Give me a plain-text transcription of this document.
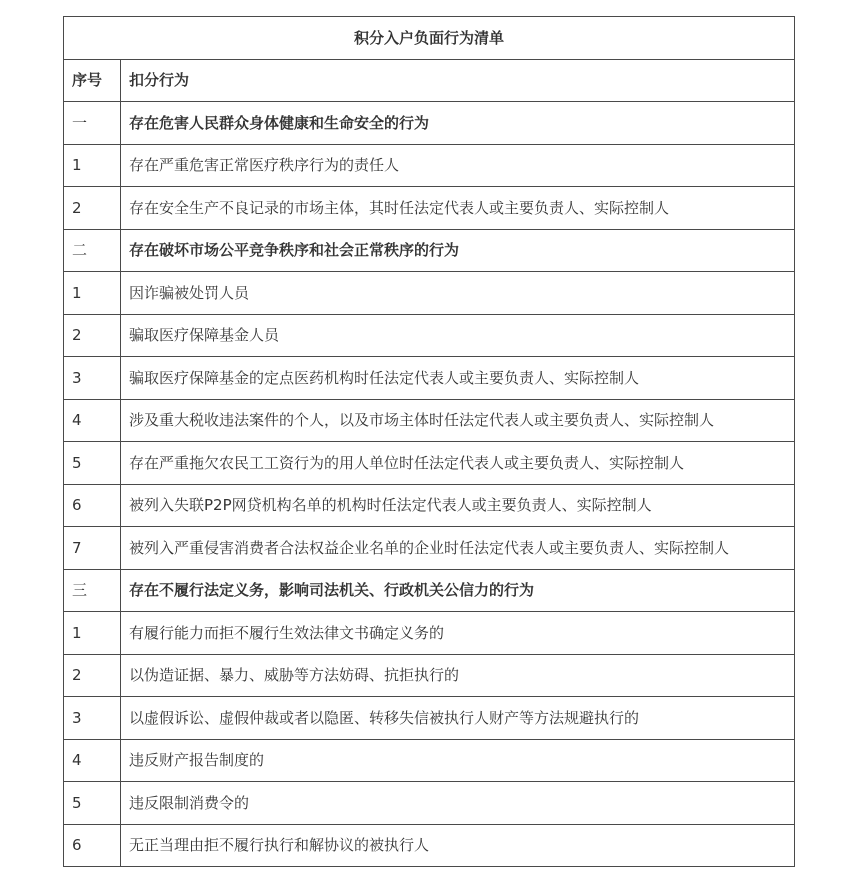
积分入户负面行为清单	
序号	扣分行为
一	存在危害人民群众身体健康和生命安全的行为
1	存在严重危害正常医疗秩序行为的责任人
2	存在安全生产不良记录的市场主体，其时任法定代表人或主要负责人、实际控制人
二	存在破坏市场公平竞争秩序和社会正常秩序的行为
1	因诈骗被处罚人员
2	骗取医疗保障基金人员
3	骗取医疗保障基金的定点医药机构时任法定代表人或主要负责人、实际控制人
4	涉及重大税收违法案件的个人，以及市场主体时任法定代表人或主要负责人、实际控制人
5	存在严重拖欠农民工工资行为的用人单位时任法定代表人或主要负责人、实际控制人
6	被列入失联P2P网贷机构名单的机构时任法定代表人或主要负责人、实际控制人
7	被列入严重侵害消费者合法权益企业名单的企业时任法定代表人或主要负责人、实际控制人
三	存在不履行法定义务，影响司法机关、行政机关公信力的行为
1	有履行能力而拒不履行生效法律文书确定义务的
2	以伪造证据、暴力、威胁等方法妨碍、抗拒执行的
3	以虚假诉讼、虚假仲裁或者以隐匿、转移失信被执行人财产等方法规避执行的
4	违反财产报告制度的
5	违反限制消费令的
6	无正当理由拒不履行执行和解协议的被执行人
